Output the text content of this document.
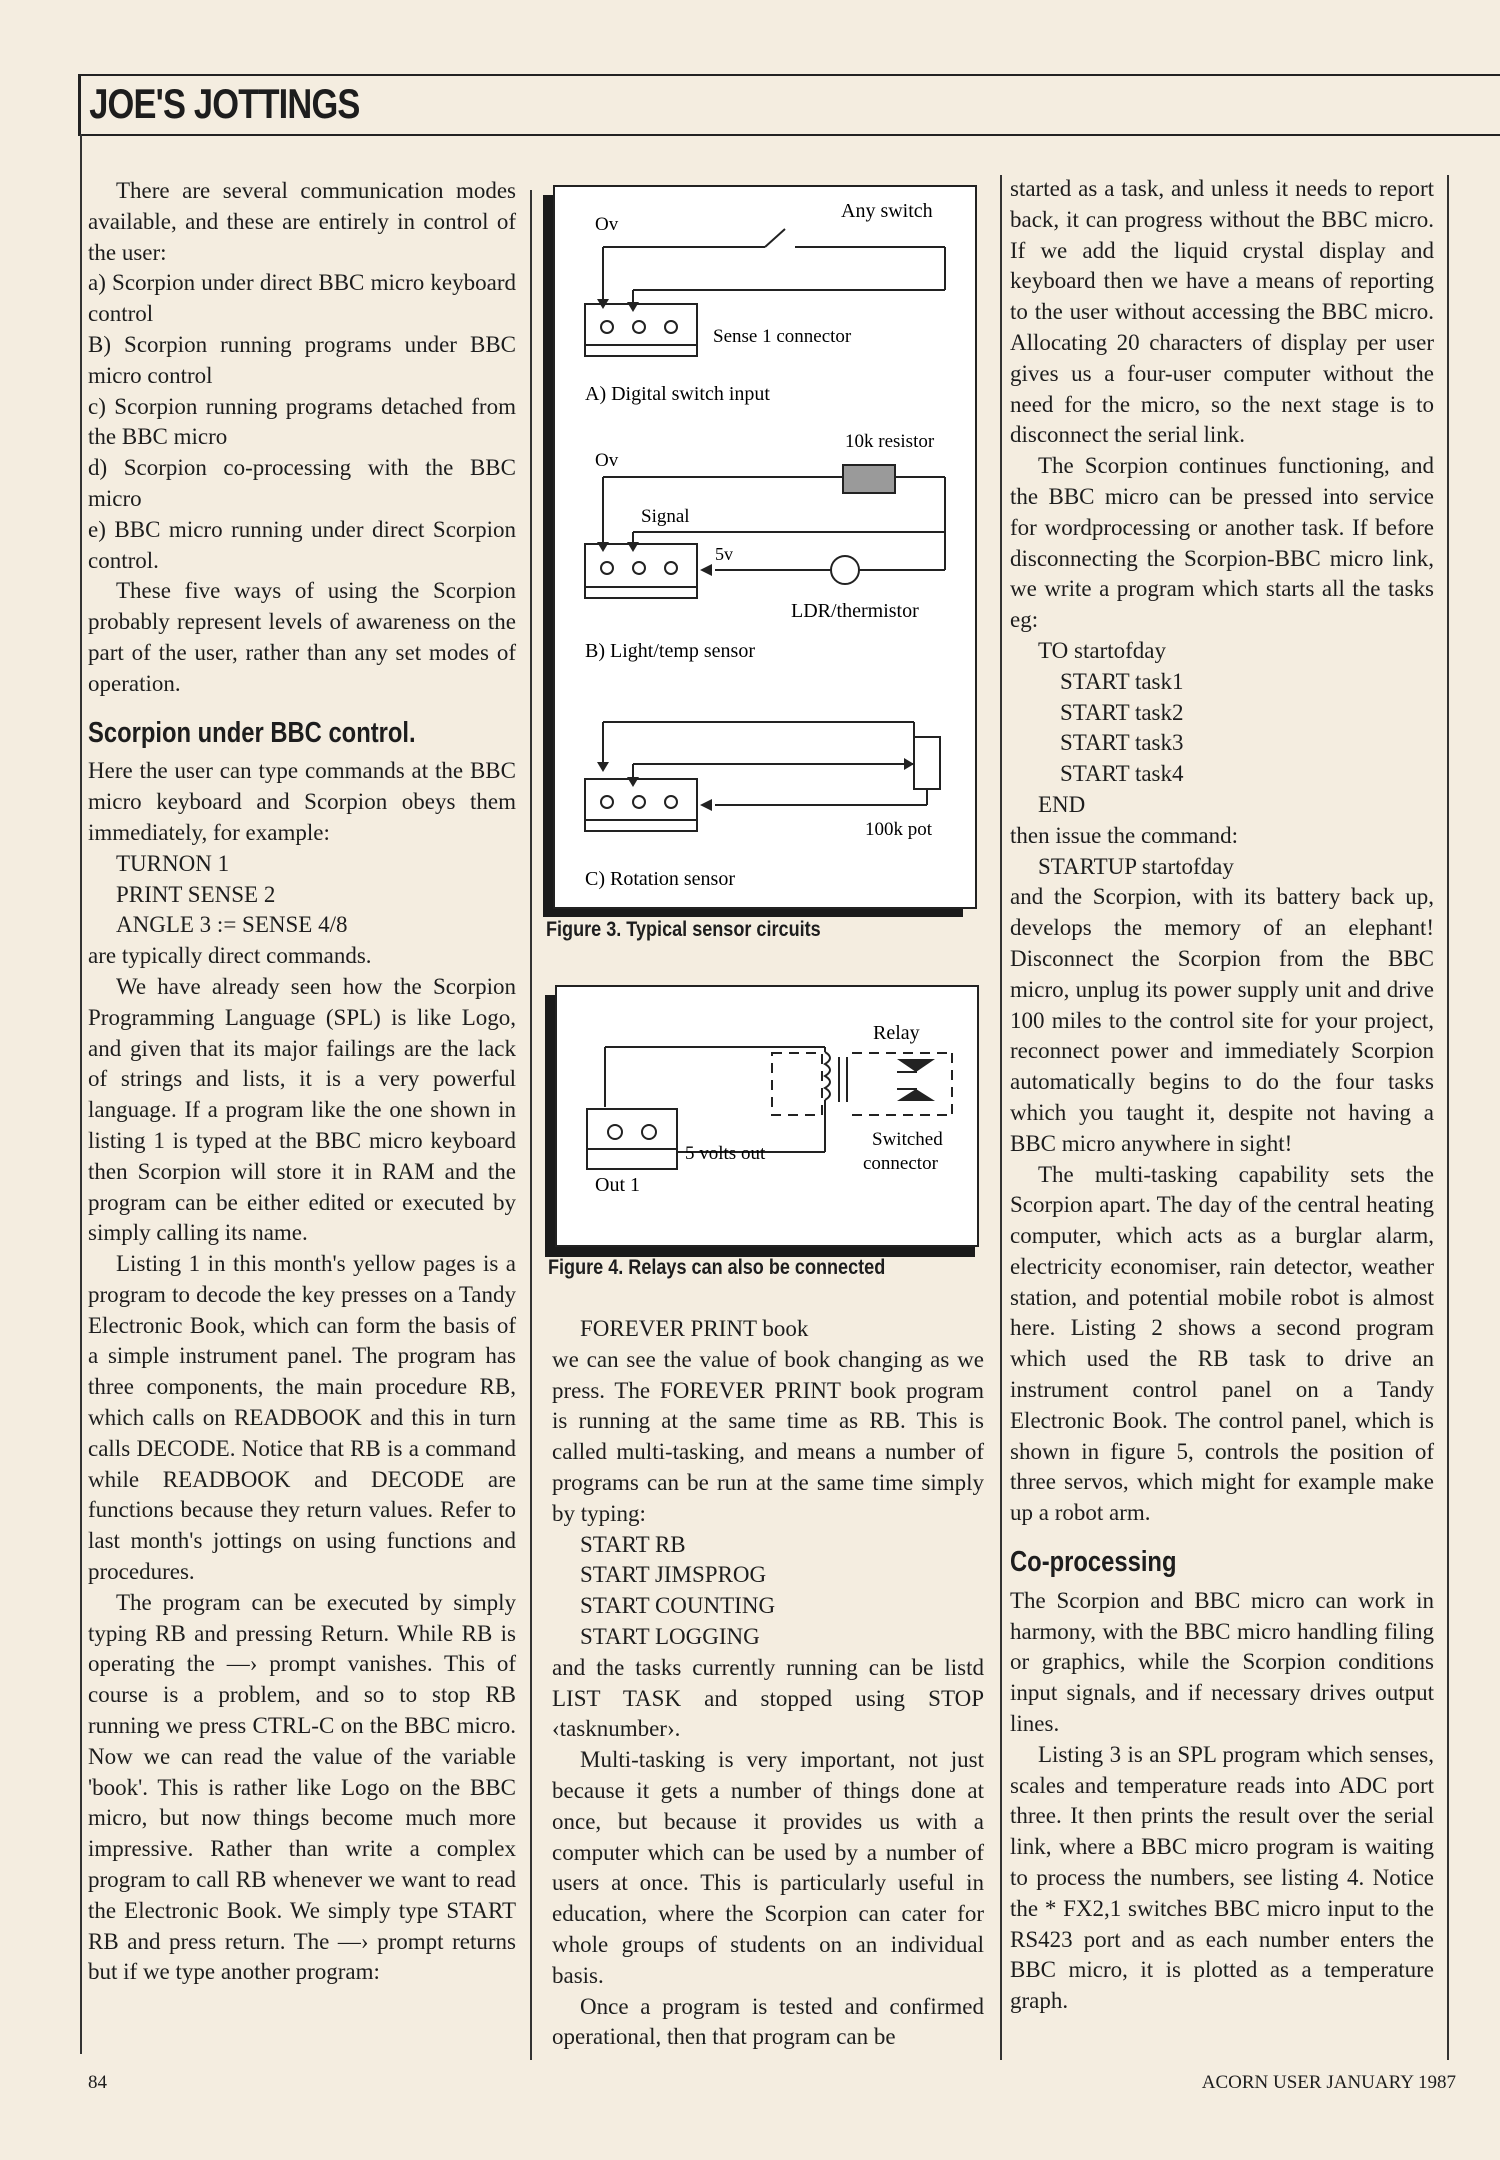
JOE'S JOTTINGS

There are several communication modes available, and these are entirely in control of the user:

a) Scorpion under direct BBC micro keyboard control

B) Scorpion running programs under BBC micro control

c) Scorpion running programs detached from the BBC micro

d) Scorpion co-processing with the BBC micro

e) BBC micro running under direct Scorpion control.

These five ways of using the Scorpion probably represent levels of awareness on the part of the user, rather than any set modes of operation.

Scorpion under BBC control.

Here the user can type commands at the BBC micro keyboard and Scorpion obeys them immediately, for example:

TURNON 1

PRINT SENSE 2

ANGLE 3 := SENSE 4/8

are typically direct commands.

We have already seen how the Scorpion Programming Language (SPL) is like Logo, and given that its major failings are the lack of strings and lists, it is a very powerful language. If a program like the one shown in listing 1 is typed at the BBC micro keyboard then Scorpion will store it in RAM and the program can be either edited or executed by simply calling its name.

Listing 1 in this month's yellow pages is a program to decode the key presses on a Tandy Electronic Book, which can form the basis of a simple instrument panel. The program has three components, the main procedure RB, which calls on READBOOK and this in turn calls DECODE. Notice that RB is a command while READBOOK and DECODE are functions because they return values. Refer to last month's jottings on using functions and procedures.

The program can be executed by simply typing RB and pressing Return. While RB is operating the —› prompt vanishes. This of course is a problem, and so to stop RB running we press CTRL-C on the BBC micro. Now we can read the value of the variable 'book'. This is rather like Logo on the BBC micro, but now things become much more impressive. Rather than write a complex program to call RB whenever we want to read the Electronic Book. We simply type START RB and press return. The —› prompt returns but if we type another program:

Ov
Any switch
Sense 1 connector
A) Digital switch input
Ov
10k resistor
Signal
5v
LDR/thermistor
B) Light/temp sensor
100k pot
C) Rotation sensor
Figure 3. Typical sensor circuits
Relay
5 volts out
Switched
connector
Out 1
Figure 4. Relays can also be connected

FOREVER PRINT book

we can see the value of book changing as we press. The FOREVER PRINT book program is running at the same time as RB. This is called multi-tasking, and means a number of programs can be run at the same time simply by typing:

START RB

START JIMSPROG

START COUNTING

START LOGGING

and the tasks currently running can be listd LIST TASK and stopped using STOP ‹tasknumber›.

Multi-tasking is very important, not just because it gets a number of things done at once, but because it provides us with a computer which can be used by a number of users at once. This is particularly useful in education, where the Scorpion can cater for whole groups of students on an individual basis.

Once a program is tested and confirmed operational, then that program can be

started as a task, and unless it needs to report back, it can progress without the BBC micro. If we add the liquid crystal display and keyboard then we have a means of reporting to the user without accessing the BBC micro. Allocating 20 characters of display per user gives us a four-user computer without the need for the micro, so the next stage is to disconnect the serial link.

The Scorpion continues functioning, and the BBC micro can be pressed into service for wordprocessing or another task. If before disconnecting the Scorpion-BBC micro link, we write a program which starts all the tasks eg:

TO startofday

START task1

START task2

START task3

START task4

END

then issue the command:

STARTUP startofday

and the Scorpion, with its battery back up, develops the memory of an elephant! Disconnect the Scorpion from the BBC micro, unplug its power supply unit and drive 100 miles to the control site for your project, reconnect power and immediately Scorpion automatically begins to do the four tasks which you taught it, despite not having a BBC micro anywhere in sight!

The multi-tasking capability sets the Scorpion apart. The day of the central heating computer, which acts as a burglar alarm, electricity economiser, rain detector, weather station, and potential mobile robot is almost here. Listing 2 shows a second program which used the RB task to drive an instrument control panel on a Tandy Electronic Book. The control panel, which is shown in figure 5, controls the position of three servos, which might for example make up a robot arm.

Co-processing

The Scorpion and BBC micro can work in harmony, with the BBC micro handling filing or graphics, while the Scorpion conditions input signals, and if necessary drives output lines.

Listing 3 is an SPL program which senses, scales and temperature reads into ADC port three. It then prints the result over the serial link, where a BBC micro program is waiting to process the numbers, see listing 4. Notice the * FX2,1 switches BBC micro input to the RS423 port and as each number enters the BBC micro, it is plotted as a temperature graph.

84	ACORN USER JANUARY 1987
